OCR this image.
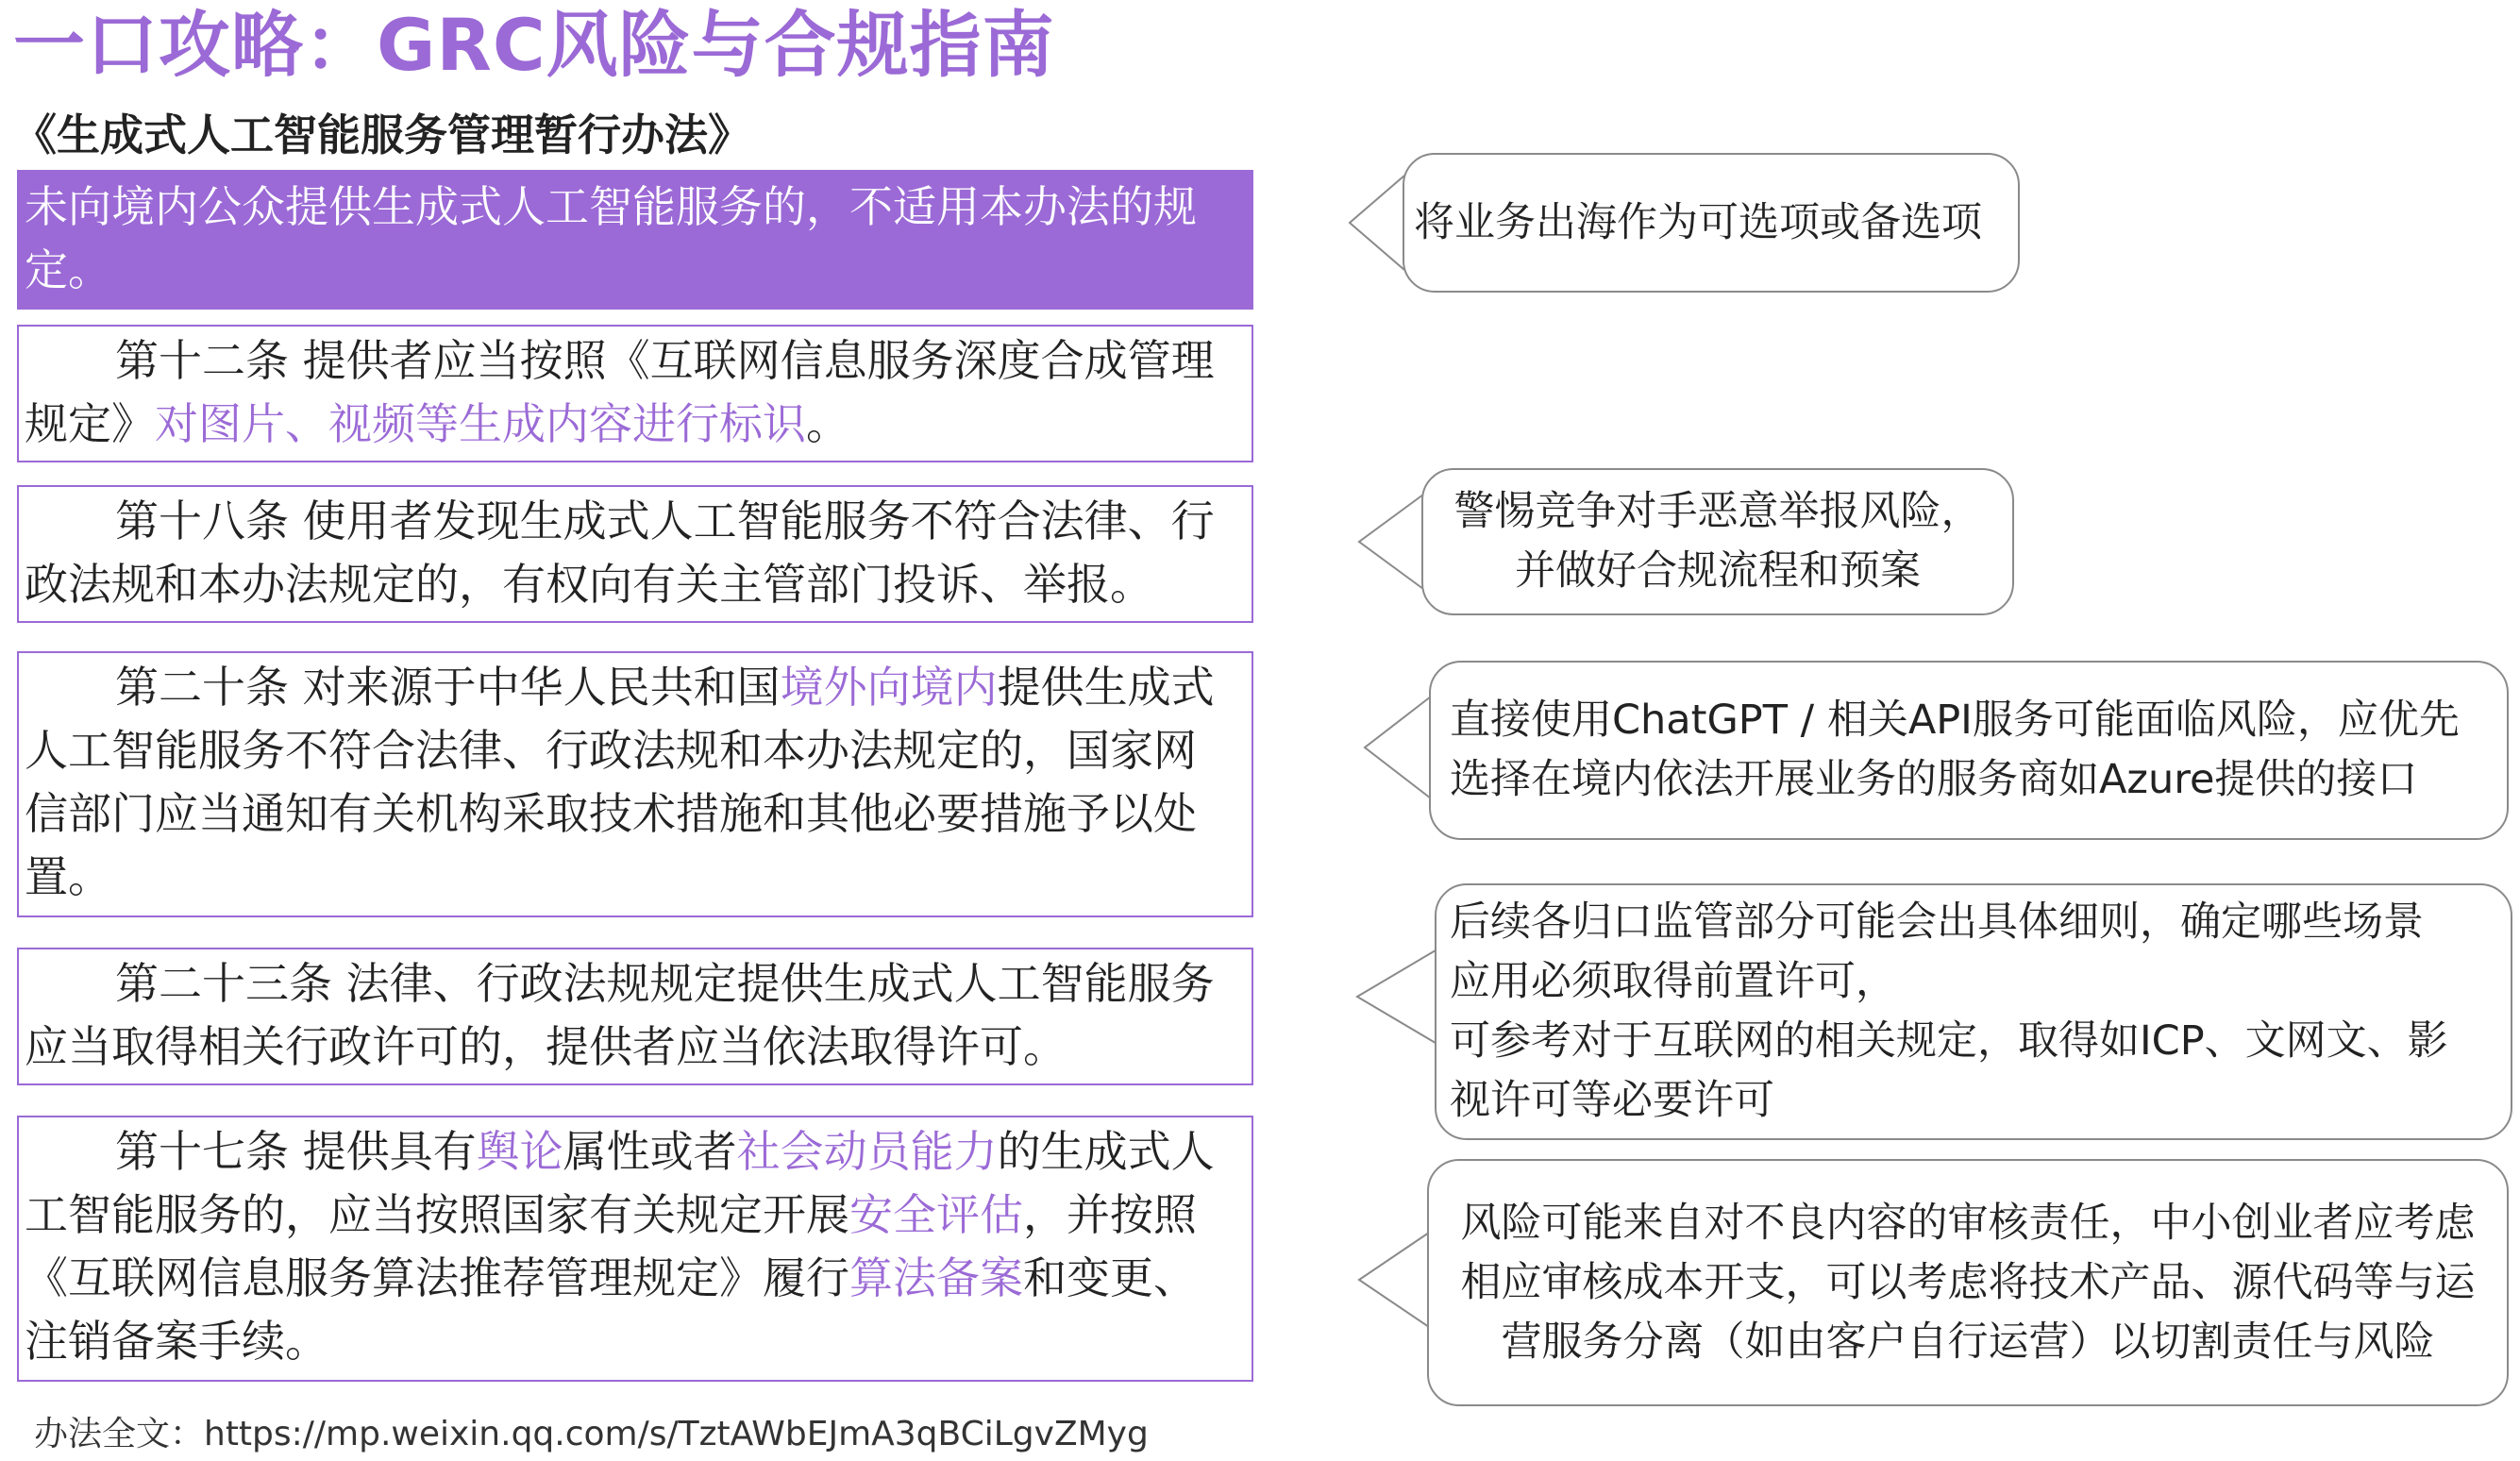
一口攻略：GRC风险与合规指南
《生成式人工智能服务管理暂行办法》
未向境内公众提供生成式人工智能服务的，不适用本办法的规定。
第十二条 提供者应当按照《互联网信息服务深度合成管理规定》对图片、视频等生成内容进行标识。
第十八条 使用者发现生成式人工智能服务不符合法律、行政法规和本办法规定的，有权向有关主管部门投诉、举报。
第二十条 对来源于中华人民共和国境外向境内提供生成式人工智能服务不符合法律、行政法规和本办法规定的，国家网信部门应当通知有关机构采取技术措施和其他必要措施予以处置。
第二十三条 法律、行政法规规定提供生成式人工智能服务应当取得相关行政许可的，提供者应当依法取得许可。
第十七条 提供具有舆论属性或者社会动员能力的生成式人工智能服务的，应当按照国家有关规定开展安全评估，并按照《互联网信息服务算法推荐管理规定》履行算法备案和变更、注销备案手续。
将业务出海作为可选项或备选项
警惕竞争对手恶意举报风险，
并做好合规流程和预案
直接使用ChatGPT / 相关API服务可能面临风险，应优先
选择在境内依法开展业务的服务商如Azure提供的接口
后续各归口监管部分可能会出具体细则，确定哪些场景
应用必须取得前置许可，
可参考对于互联网的相关规定，取得如ICP、文网文、影
视许可等必要许可
风险可能来自对不良内容的审核责任，中小创业者应考虑
相应审核成本开支，可以考虑将技术产品、源代码等与运
营服务分离（如由客户自行运营）以切割责任与风险
办法全文：https://mp.weixin.qq.com/s/TztAWbEJmA3qBCiLgvZMyg
